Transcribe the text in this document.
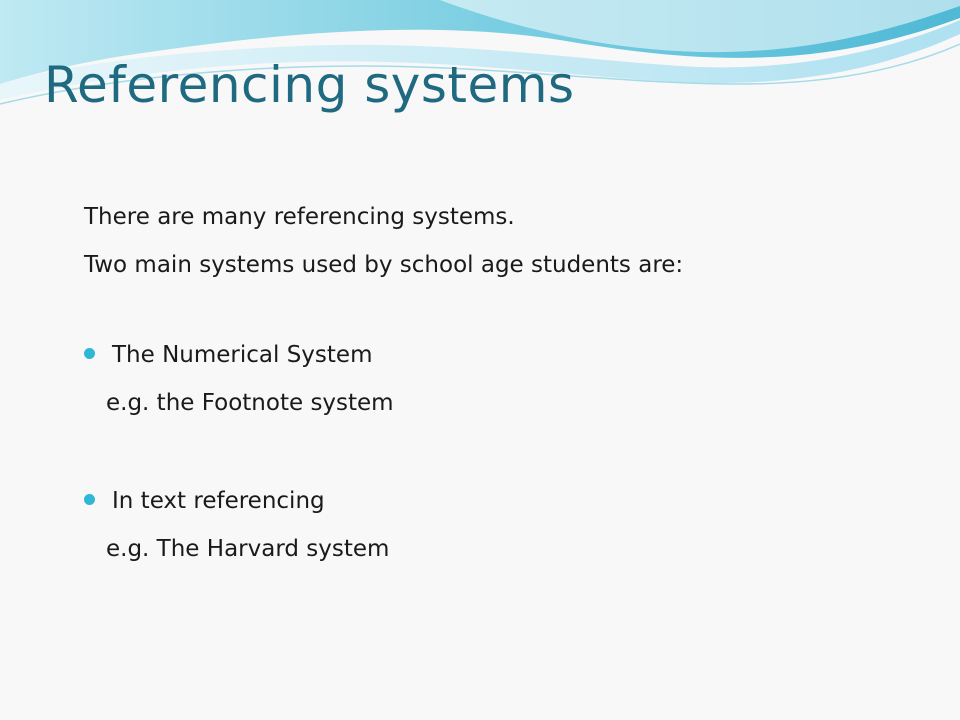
Referencing systems

There are many referencing systems.

Two main systems used by school age students are:

The Numerical System

e.g. the Footnote system

In text referencing

e.g. The Harvard system
